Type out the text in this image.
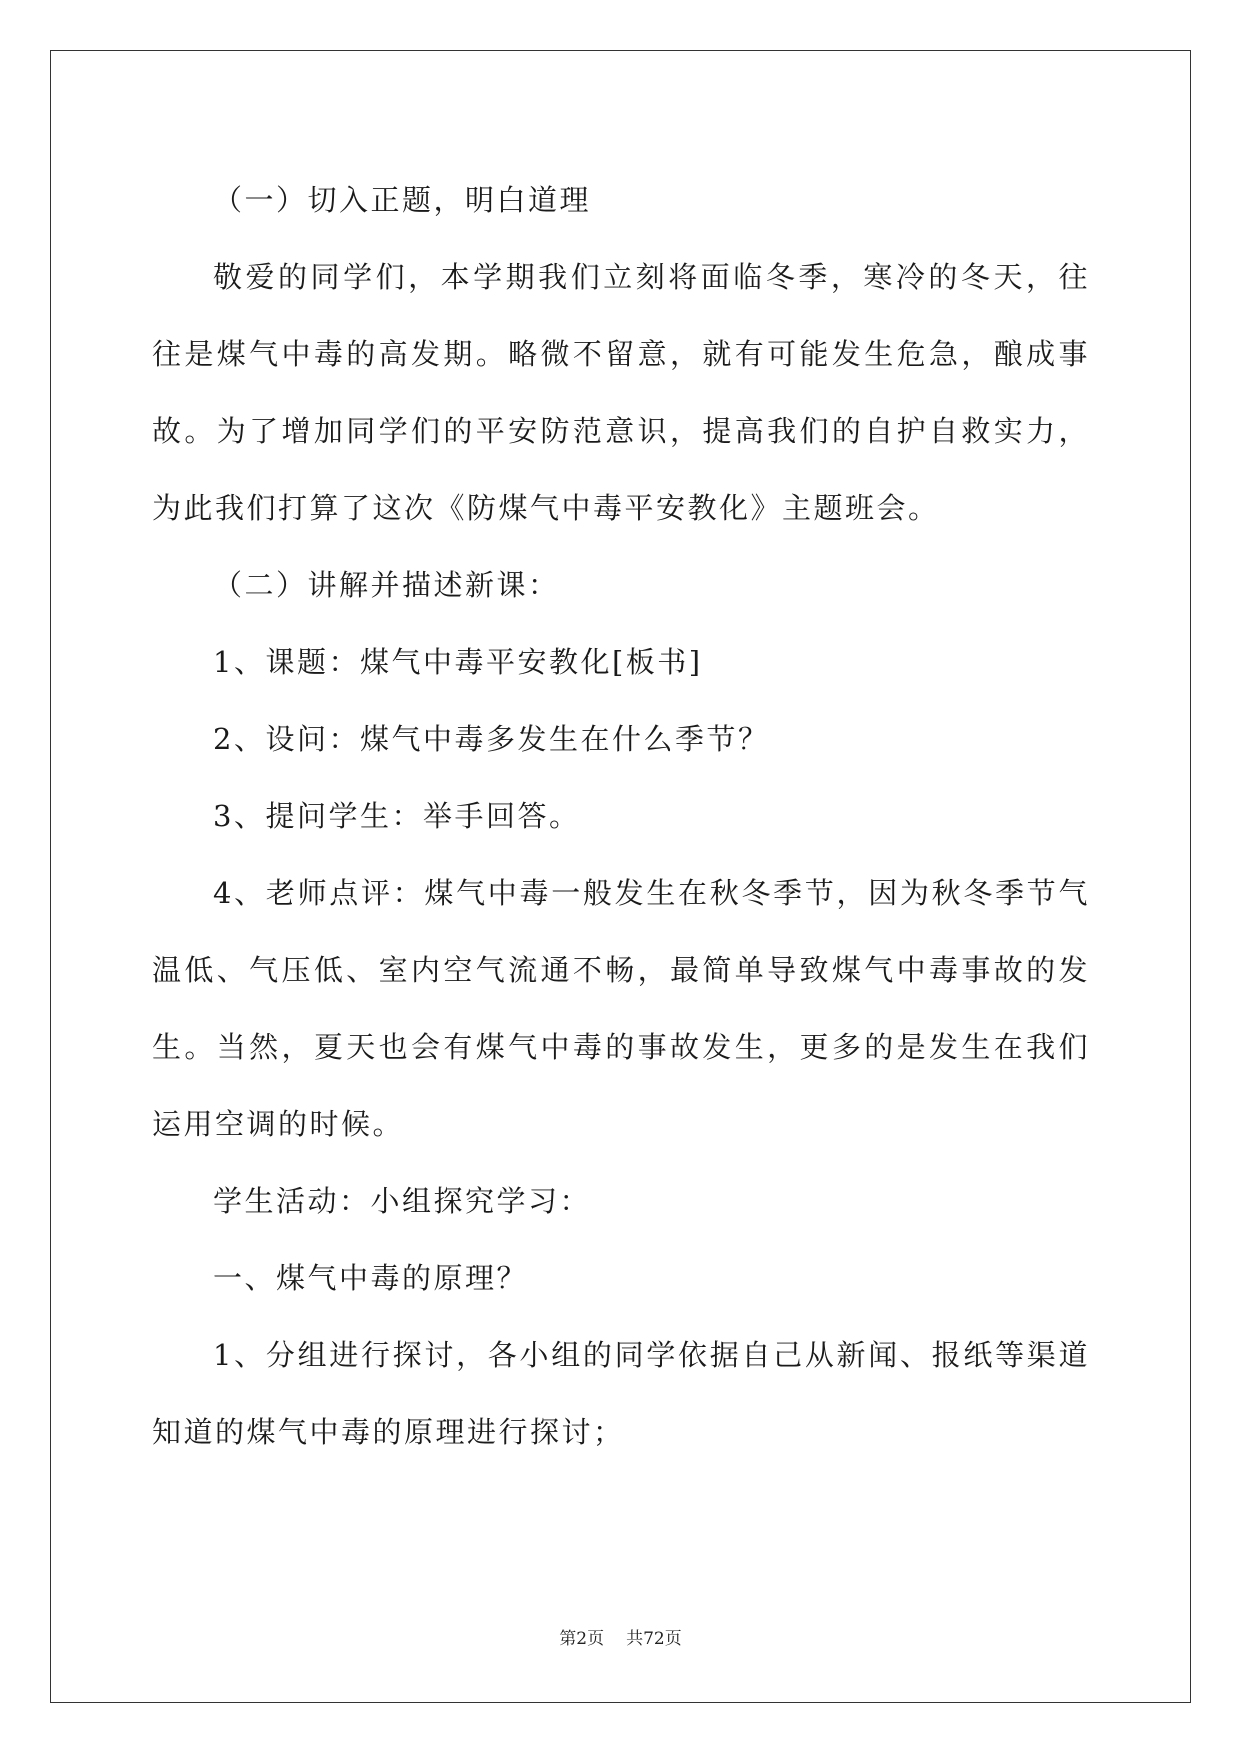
（一）切入正题，明白道理

敬爱的同学们，本学期我们立刻将面临冬季，寒冷的冬天，往往是煤气中毒的高发期。略微不留意，就有可能发生危急，酿成事故。为了增加同学们的平安防范意识，提高我们的自护自救实力，为此我们打算了这次《防煤气中毒平安教化》主题班会。

（二）讲解并描述新课：

1、课题：煤气中毒平安教化[板书]

2、设问：煤气中毒多发生在什么季节？

3、提问学生：举手回答。

4、老师点评：煤气中毒一般发生在秋冬季节，因为秋冬季节气温低、气压低、室内空气流通不畅，最简单导致煤气中毒事故的发生。当然，夏天也会有煤气中毒的事故发生，更多的是发生在我们运用空调的时候。

学生活动：小组探究学习：

一、煤气中毒的原理？

1、分组进行探讨，各小组的同学依据自己从新闻、报纸等渠道知道的煤气中毒的原理进行探讨；

第2页 共72页
